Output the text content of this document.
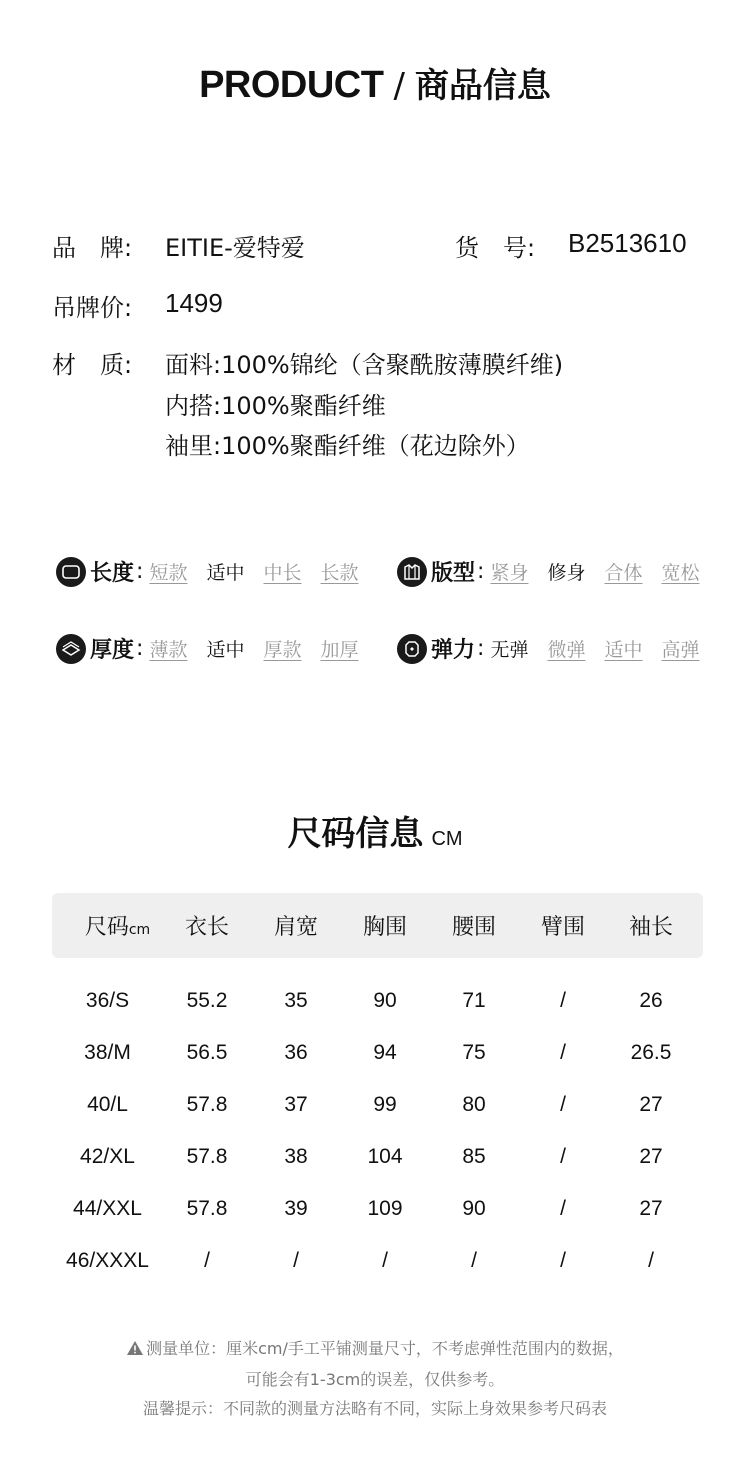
PRODUCT / 商品信息
品　牌: EITIE-爱特爱	货　号: B2513610
吊牌价: 1499
材　质: 面料:100%锦纶（含聚酰胺薄膜纤维)
内搭:100%聚酯纤维
袖里:100%聚酯纤维（花边除外）
长度 : 短款 适中 中长 长款	版型 : 紧身 修身 合体 宽松
厚度 : 薄款 适中 厚款 加厚	弹力 : 无弹 微弹 适中 高弹
尺码信息 CM
尺码cm	衣长	肩宽	胸围	腰围	臂围	袖长
36/S	55.2	35	90	71	/	26
38/M	56.5	36	94	75	/	26.5
40/L	57.8	37	99	80	/	27
42/XL	57.8	38	104	85	/	27
44/XXL	57.8	39	109	90	/	27
46/XXXL	/	/	/	/	/	/
测量单位：厘米cm/手工平铺测量尺寸，不考虑弹性范围内的数据，
可能会有1-3cm的误差，仅供参考。
温馨提示：不同款的测量方法略有不同，实际上身效果参考尺码表
